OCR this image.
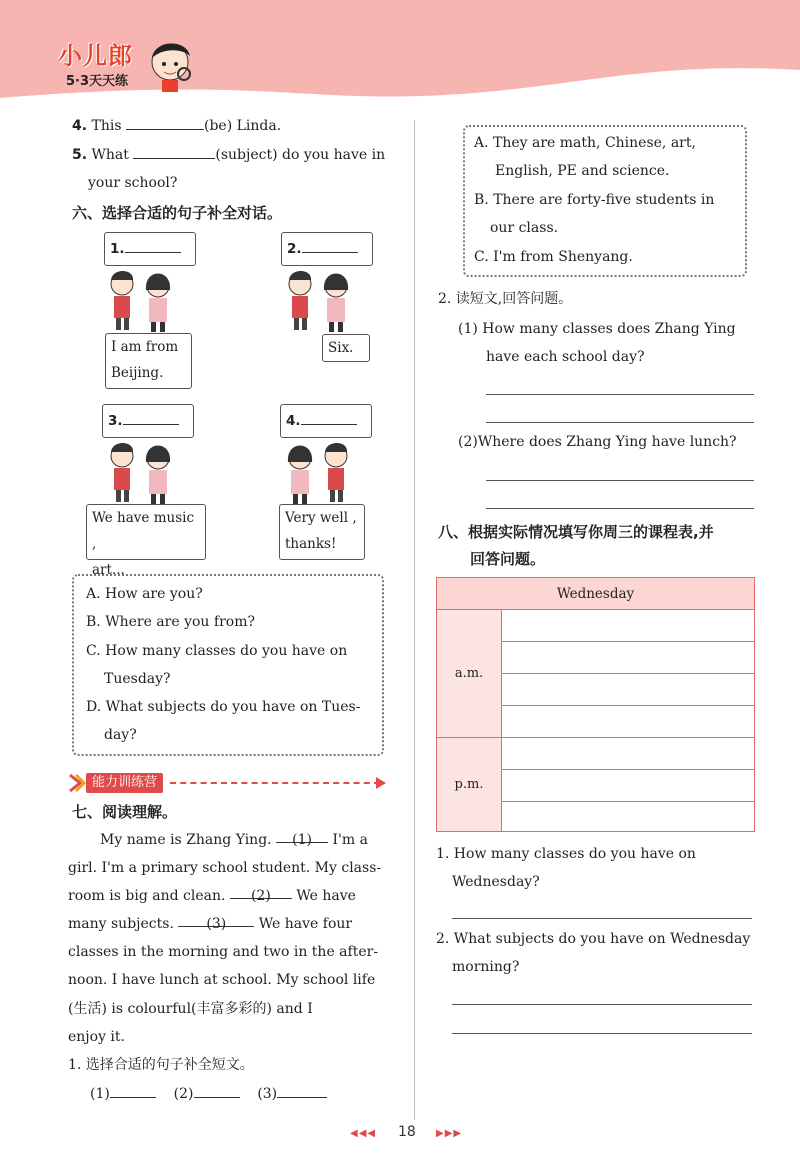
小儿郎
5·3天天练
4. This	(be) Linda.
5. What	(subject) do you have in
your school?
六、选择合适的句子补全对话。
1.	2.
3.	4.
I am from
Beijing.
Six.
We have music ,
art...
Very well ,
thanks!
A. How are you?
B. Where are you from?
C. How many classes do you have on
Tuesday?
D. What subjects do you have on Tues-
day?
能力训练营
七、阅读理解。
My name is Zhang Ying. (1) I'm a
girl. I'm a primary school student. My class-
room is big and clean. (2) We have
many subjects. (3) We have four
classes in the morning and two in the after-
noon. I have lunch at school. My school life
(生活) is colourful(丰富多彩的) and I
enjoy it.
1. 选择合适的句子补全短文。
(1)	(2)	(3)
A. They are math, Chinese, art,
English, PE and science.
B. There are forty-five students in
our class.
C. I'm from Shenyang.
2. 读短文,回答问题。
(1) How many classes does Zhang Ying
have each school day?
(2)Where does Zhang Ying have lunch?
八、根据实际情况填写你周三的课程表,并
回答问题。
Wednesday	
a.m.	

p.m.	

1. How many classes do you have on
Wednesday?
2. What subjects do you have on Wednesday
morning?
◀◀◀ 18 ▶▶▶
